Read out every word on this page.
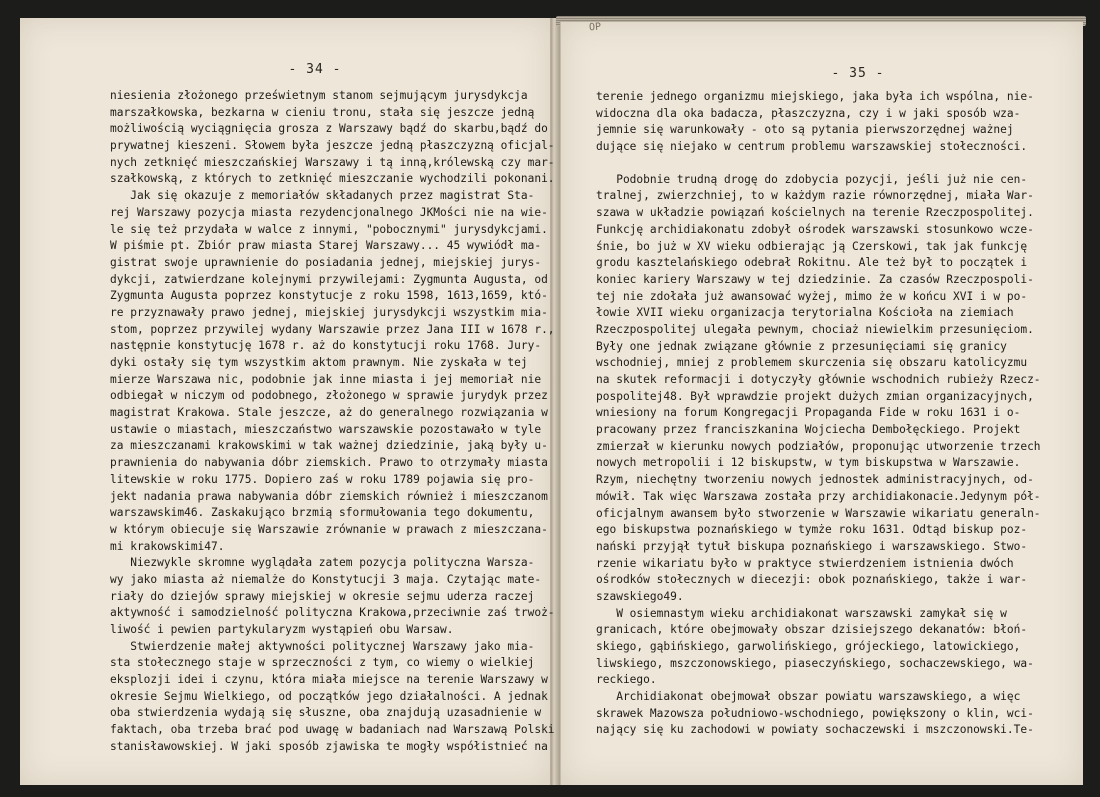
- 34 -
niesienia złożonego prześwietnym stanom sejmującym jurysdykcja
marszałkowska, bezkarna w cieniu tronu, stała się jeszcze jedną
możliwością wyciągnięcia grosza z Warszawy bądź do skarbu,bądź do
prywatnej kieszeni. Słowem była jeszcze jedną płaszczyzną oficjal-
nych zetknięć mieszczańskiej Warszawy i tą inną,królewską czy mar-
szałkowską, z których to zetknięć mieszczanie wychodzili pokonani.
Jak się okazuje z memoriałów składanych przez magistrat Sta-
rej Warszawy pozycja miasta rezydencjonalnego JKMości nie na wie-
le się też przydała w walce z innymi, "pobocznymi" jurysdykcjami.
W piśmie pt. Zbiór praw miasta Starej Warszawy... 45 wywiódł ma-
gistrat swoje uprawnienie do posiadania jednej, miejskiej jurys-
dykcji, zatwierdzane kolejnymi przywilejami: Zygmunta Augusta, od
Zygmunta Augusta poprzez konstytucje z roku 1598, 1613,1659, któ-
re przyznawały prawo jednej, miejskiej jurysdykcji wszystkim mia-
stom, poprzez przywilej wydany Warszawie przez Jana III w 1678 r.,
następnie konstytucję 1678 r. aż do konstytucji roku 1768. Jury-
dyki ostały się tym wszystkim aktom prawnym. Nie zyskała w tej
mierze Warszawa nic, podobnie jak inne miasta i jej memoriał nie
odbiegał w niczym od podobnego, złożonego w sprawie jurydyk przez
magistrat Krakowa. Stale jeszcze, aż do generalnego rozwiązania w
ustawie o miastach, mieszczaństwo warszawskie pozostawało w tyle
za mieszczanami krakowskimi w tak ważnej dziedzinie, jaką były u-
prawnienia do nabywania dóbr ziemskich. Prawo to otrzymały miasta
litewskie w roku 1775. Dopiero zaś w roku 1789 pojawia się pro-
jekt nadania prawa nabywania dóbr ziemskich również i mieszczanom
warszawskim46. Zaskakująco brzmią sformułowania tego dokumentu,
w którym obiecuje się Warszawie zrównanie w prawach z mieszczana-
mi krakowskimi47.
Niezwykle skromne wyglądała zatem pozycja polityczna Warsza-
wy jako miasta aż niemalże do Konstytucji 3 maja. Czytając mate-
riały do dziejów sprawy miejskiej w okresie sejmu uderza raczej
aktywność i samodzielność polityczna Krakowa,przeciwnie zaś trwoż-
liwość i pewien partykularyzm wystąpień obu Warsaw.
Stwierdzenie małej aktywności politycznej Warszawy jako mia-
sta stołecznego staje w sprzeczności z tym, co wiemy o wielkiej
eksplozji idei i czynu, która miała miejsce na terenie Warszawy w
okresie Sejmu Wielkiego, od początków jego działalności. A jednak
oba stwierdzenia wydają się słuszne, oba znajdują uzasadnienie w
faktach, oba trzeba brać pod uwagę w badaniach nad Warszawą Polski
stanisławowskiej. W jaki sposób zjawiska te mogły współistnieć na
OP
- 35 -
terenie jednego organizmu miejskiego, jaka była ich wspólna, nie-
widoczna dla oka badacza, płaszczyzna, czy i w jaki sposób wza-
jemnie się warunkowały - oto są pytania pierwszorzędnej ważnej
dujące się niejako w centrum problemu warszawskiej stołeczności.
Podobnie trudną drogę do zdobycia pozycji, jeśli już nie cen-
tralnej, zwierzchniej, to w każdym razie równorzędnej, miała War-
szawa w układzie powiązań kościelnych na terenie Rzeczpospolitej.
Funkcję archidiakonatu zdobył ośrodek warszawski stosunkowo wcze-
śnie, bo już w XV wieku odbierając ją Czerskowi, tak jak funkcję
grodu kasztelańskiego odebrał Rokitnu. Ale też był to początek i
koniec kariery Warszawy w tej dziedzinie. Za czasów Rzeczpospoli-
tej nie zdołała już awansować wyżej, mimo że w końcu XVI i w po-
łowie XVII wieku organizacja terytorialna Kościoła na ziemiach
Rzeczpospolitej ulegała pewnym, chociaż niewielkim przesunięciom.
Były one jednak związane głównie z przesunięciami się granicy
wschodniej, mniej z problemem skurczenia się obszaru katolicyzmu
na skutek reformacji i dotyczyły głównie wschodnich rubieży Rzecz-
pospolitej48. Był wprawdzie projekt dużych zmian organizacyjnych,
wniesiony na forum Kongregacji Propaganda Fide w roku 1631 i o-
pracowany przez franciszkanina Wojciecha Dembołęckiego. Projekt
zmierzał w kierunku nowych podziałów, proponując utworzenie trzech
nowych metropolii i 12 biskupstw, w tym biskupstwa w Warszawie.
Rzym, niechętny tworzeniu nowych jednostek administracyjnych, od-
mówił. Tak więc Warszawa została przy archidiakonacie.Jedynym pół-
oficjalnym awansem było stworzenie w Warszawie wikariatu generaln-
ego biskupstwa poznańskiego w tymże roku 1631. Odtąd biskup poz-
nański przyjął tytuł biskupa poznańskiego i warszawskiego. Stwo-
rzenie wikariatu było w praktyce stwierdzeniem istnienia dwóch
ośrodków stołecznych w diecezji: obok poznańskiego, także i war-
szawskiego49.
W osiemnastym wieku archidiakonat warszawski zamykał się w
granicach, które obejmowały obszar dzisiejszego dekanatów: błoń-
skiego, gąbińskiego, garwolińskiego, grójeckiego, latowickiego,
liwskiego, mszczonowskiego, piaseczyńskiego, sochaczewskiego, wa-
reckiego.
Archidiakonat obejmował obszar powiatu warszawskiego, a więc
skrawek Mazowsza południowo-wschodniego, powiększony o klin, wci-
nający się ku zachodowi w powiaty sochaczewski i mszczonowski.Te-
